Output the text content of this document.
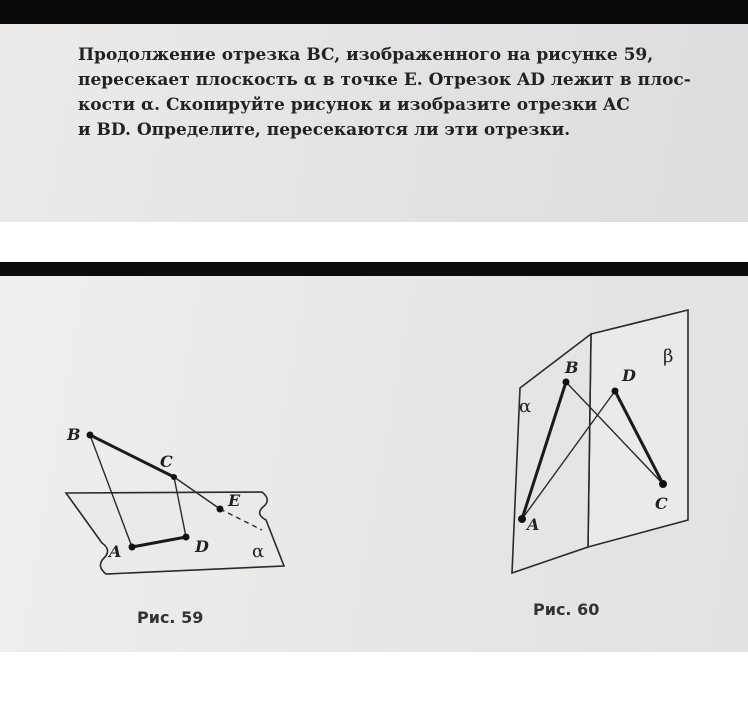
Продолжение отрезка BC, изображенного на рисунке 59,
пересекает плоскость α в точке E. Отрезок AD лежит в плос-
кости α. Скопируйте рисунок и изобразите отрезки AC
и BD. Определите, пересекаются ли эти отрезки.

B
C
E
A	D α
Рис. 59
B	D
C
A
α
β
Рис. 60
